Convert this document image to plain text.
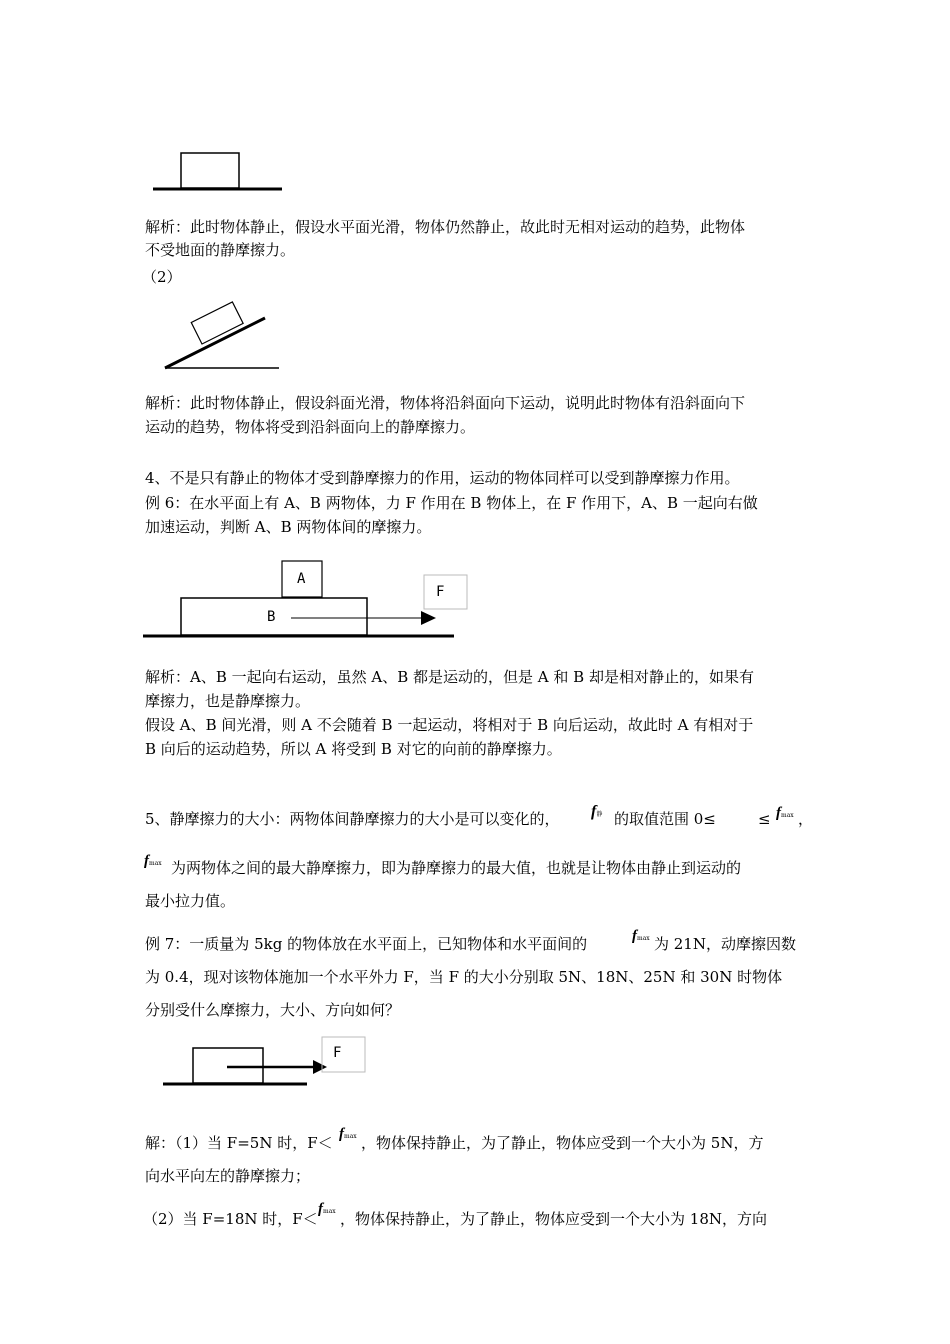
解析：此时物体静止，假设水平面光滑，物体仍然静止，故此时无相对运动的趋势，此物体
不受地面的静摩擦力。
（2）
解析：此时物体静止，假设斜面光滑，物体将沿斜面向下运动，说明此时物体有沿斜面向下
运动的趋势，物体将受到沿斜面向上的静摩擦力。
4、不是只有静止的物体才受到静摩擦力的作用，运动的物体同样可以受到静摩擦力作用。
例 6：在水平面上有 A、B 两物体，力 F 作用在 B 物体上，在 F 作用下，A、B 一起向右做
加速运动，判断 A、B 两物体间的摩擦力。
A
B
F
解析：A、B 一起向右运动，虽然 A、B 都是运动的，但是 A 和 B 却是相对静止的，如果有
摩擦力，也是静摩擦力。
假设 A、B 间光滑，则 A 不会随着 B 一起运动，将相对于 B 向后运动，故此时 A 有相对于
B 向后的运动趋势，所以 A 将受到 B 对它的向前的静摩擦力。
5、静摩擦力的大小：两物体间静摩擦力的大小是可以变化的， f静 的取值范围 0≤	≤ fmax ，
fmax 为两物体之间的最大静摩擦力，即为静摩擦力的最大值，也就是让物体由静止到运动的
最小拉力值。
例 7：一质量为 5kg 的物体放在水平面上，已知物体和水平面间的	fmax 为 21N，动摩擦因数
为 0.4，现对该物体施加一个水平外力 F，当 F 的大小分别取 5N、18N、25N 和 30N 时物体
分别受什么摩擦力，大小、方向如何？
F
解：（1）当 F=5N 时，F＜ fmax ，物体保持静止，为了静止，物体应受到一个大小为 5N，方
向水平向左的静摩擦力；
（2）当 F=18N 时，F＜
fmax ，物体保持静止，为了静止，物体应受到一个大小为 18N，方向
